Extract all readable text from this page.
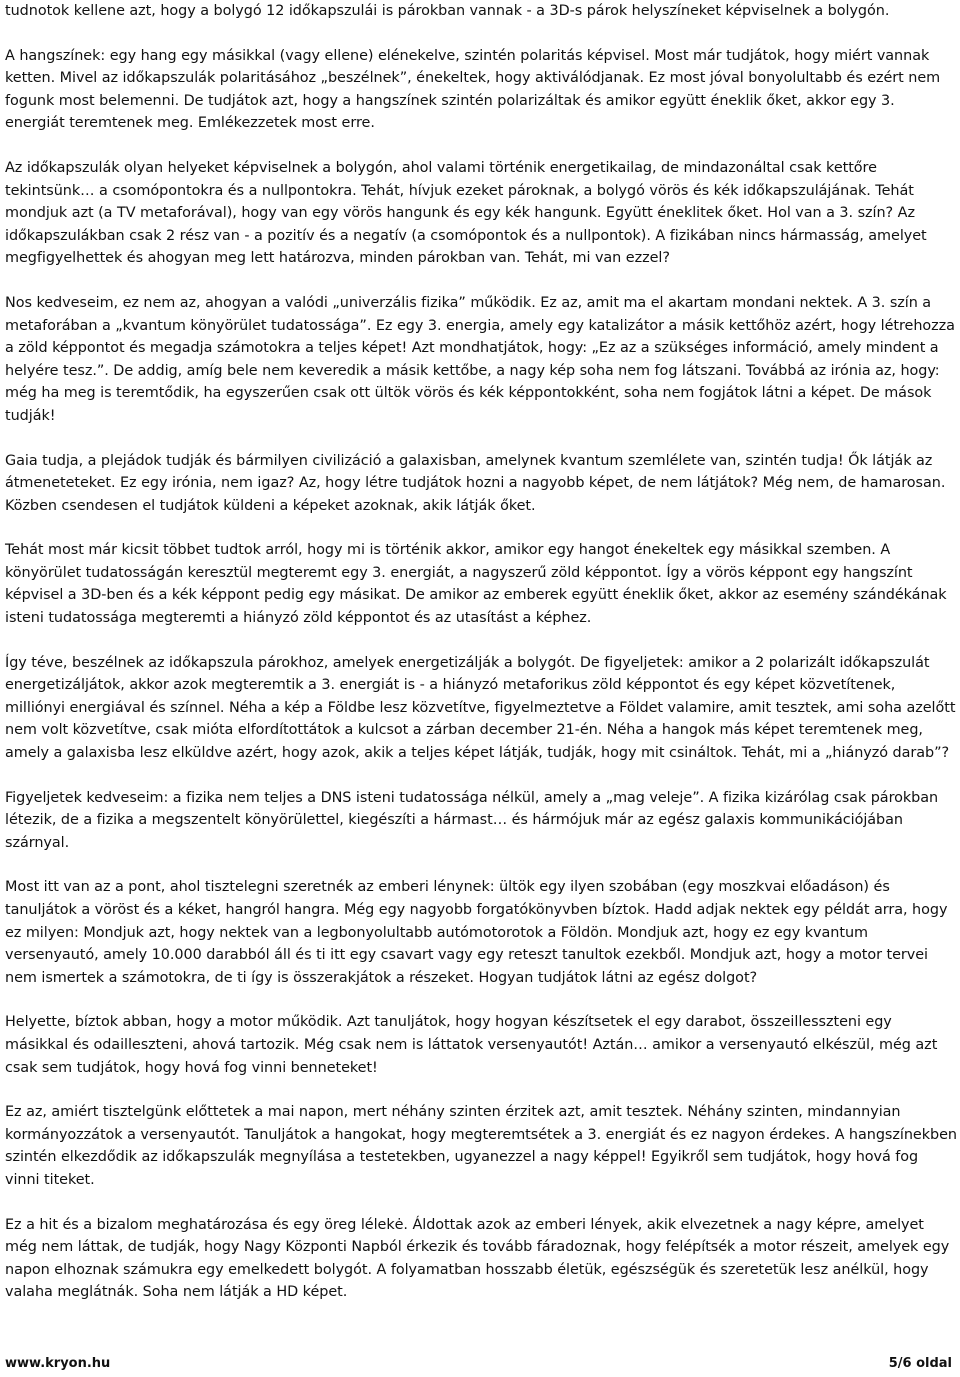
tudnotok kellene azt, hogy a bolygó 12 időkapszulái is párokban vannak - a 3D-s párok helyszíneket képviselnek a bolygón.

A hangszínek: egy hang egy másikkal (vagy ellene) elénekelve, szintén polaritás képvisel. Most már tudjátok, hogy miért vannak ketten. Mivel az időkapszulák polaritásához „beszélnek”, énekeltek, hogy aktiválódjanak. Ez most jóval bonyolultabb és ezért nem fogunk most belemenni. De tudjátok azt, hogy a hangszínek szintén polarizáltak és amikor együtt éneklik őket, akkor egy 3. energiát teremtenek meg. Emlékezzetek most erre.

Az időkapszulák olyan helyeket képviselnek a bolygón, ahol valami történik energetikailag, de mindazonáltal csak kettőre tekintsünk… a csomópontokra és a nullpontokra. Tehát, hívjuk ezeket pároknak, a bolygó vörös és kék időkapszulájának. Tehát mondjuk azt (a TV metaforával), hogy van egy vörös hangunk és egy kék hangunk. Együtt éneklitek őket. Hol van a 3. szín? Az időkapszulákban csak 2 rész van - a pozitív és a negatív (a csomópontok és a nullpontok). A fizikában nincs hármasság, amelyet megfigyelhettek és ahogyan meg lett határozva, minden párokban van. Tehát, mi van ezzel?

Nos kedveseim, ez nem az, ahogyan a valódi „univerzális fizika” működik. Ez az, amit ma el akartam mondani nektek. A 3. szín a metaforában a „kvantum könyörület tudatossága”. Ez egy 3. energia, amely egy katalizátor a másik kettőhöz azért, hogy létrehozza a zöld képpontot és megadja számotokra a teljes képet! Azt mondhatjátok, hogy: „Ez az a szükséges információ, amely mindent a helyére tesz.”. De addig, amíg bele nem keveredik a másik kettőbe, a nagy kép soha nem fog látszani. Továbbá az irónia az, hogy: még ha meg is teremtődik, ha egyszerűen csak ott ültök vörös és kék képpontokként, soha nem fogjátok látni a képet. De mások tudják!

Gaia tudja, a plejádok tudják és bármilyen civilizáció a galaxisban, amelynek kvantum szemlélete van, szintén tudja! Ők látják az átmeneteteket. Ez egy irónia, nem igaz? Az, hogy létre tudjátok hozni a nagyobb képet, de nem látjátok? Még nem, de hamarosan. Közben csendesen el tudjátok küldeni a képeket azoknak, akik látják őket.

Tehát most már kicsit többet tudtok arról, hogy mi is történik akkor, amikor egy hangot énekeltek egy másikkal szemben. A könyörület tudatosságán keresztül megteremt egy 3. energiát, a nagyszerű zöld képpontot. Így a vörös képpont egy hangszínt képvisel a 3D-ben és a kék képpont pedig egy másikat. De amikor az emberek együtt éneklik őket, akkor az esemény szándékának isteni tudatossága megteremti a hiányzó zöld képpontot és az utasítást a képhez.

Így téve, beszélnek az időkapszula párokhoz, amelyek energetizálják a bolygót. De figyeljetek: amikor a 2 polarizált időkapszulát energetizáljátok, akkor azok megteremtik a 3. energiát is - a hiányzó metaforikus zöld képpontot és egy képet közvetítenek, milliónyi energiával és színnel. Néha a kép a Földbe lesz közvetítve, figyelmeztetve a Földet valamire, amit tesztek, ami soha azelőtt nem volt közvetítve, csak mióta elfordítottátok a kulcsot a zárban december 21-én. Néha a hangok más képet teremtenek meg, amely a galaxisba lesz elküldve azért, hogy azok, akik a teljes képet látják, tudják, hogy mit csináltok. Tehát, mi a „hiányzó darab”?

Figyeljetek kedveseim: a fizika nem teljes a DNS isteni tudatossága nélkül, amely a „mag veleje”. A fizika kizárólag csak párokban létezik, de a fizika a megszentelt könyörülettel, kiegészíti a hármast… és hármójuk már az egész galaxis kommunikációjában szárnyal.

Most itt van az a pont, ahol tisztelegni szeretnék az emberi lénynek: ültök egy ilyen szobában (egy moszkvai előadáson) és tanuljátok a vöröst és a kéket, hangról hangra. Még egy nagyobb forgatókönyvben bíztok. Hadd adjak nektek egy példát arra, hogy ez milyen: Mondjuk azt, hogy nektek van a legbonyolultabb autómotorotok a Földön. Mondjuk azt, hogy ez egy kvantum versenyautó, amely 10.000 darabból áll és ti itt egy csavart vagy egy reteszt tanultok ezekből. Mondjuk azt, hogy a motor tervei nem ismertek a számotokra, de ti így is összerakjátok a részeket. Hogyan tudjátok látni az egész dolgot?

Helyette, bíztok abban, hogy a motor működik. Azt tanuljátok, hogy hogyan készítsetek el egy darabot, összeillesszteni egy másikkal és odailleszteni, ahová tartozik. Még csak nem is láttatok versenyautót! Aztán… amikor a versenyautó elkészül, még azt csak sem tudjátok, hogy hová fog vinni benneteket!

Ez az, amiért tisztelgünk előttetek a mai napon, mert néhány szinten érzitek azt, amit tesztek. Néhány szinten, mindannyian kormányozzátok a versenyautót. Tanuljátok a hangokat, hogy megteremtsétek a 3. energiát és ez nagyon érdekes. A hangszínekben szintén elkezdődik az időkapszulák megnyílása a testetekben, ugyanezzel a nagy képpel! Egyikről sem tudjátok, hogy hová fog vinni titeket.

Ez a hit és a bizalom meghatározása és egy öreg lélekė. Áldottak azok az emberi lények, akik elvezetnek a nagy képre, amelyet még nem láttak, de tudják, hogy Nagy Központi Napból érkezik és tovább fáradoznak, hogy felépítsék a motor részeit, amelyek egy napon elhoznak számukra egy emelkedett bolygót. A folyamatban hosszabb életük, egészségük és szeretetük lesz anélkül, hogy valaha meglátnák. Soha nem látják a HD képet.

www.kryon.hu	5/6 oldal
